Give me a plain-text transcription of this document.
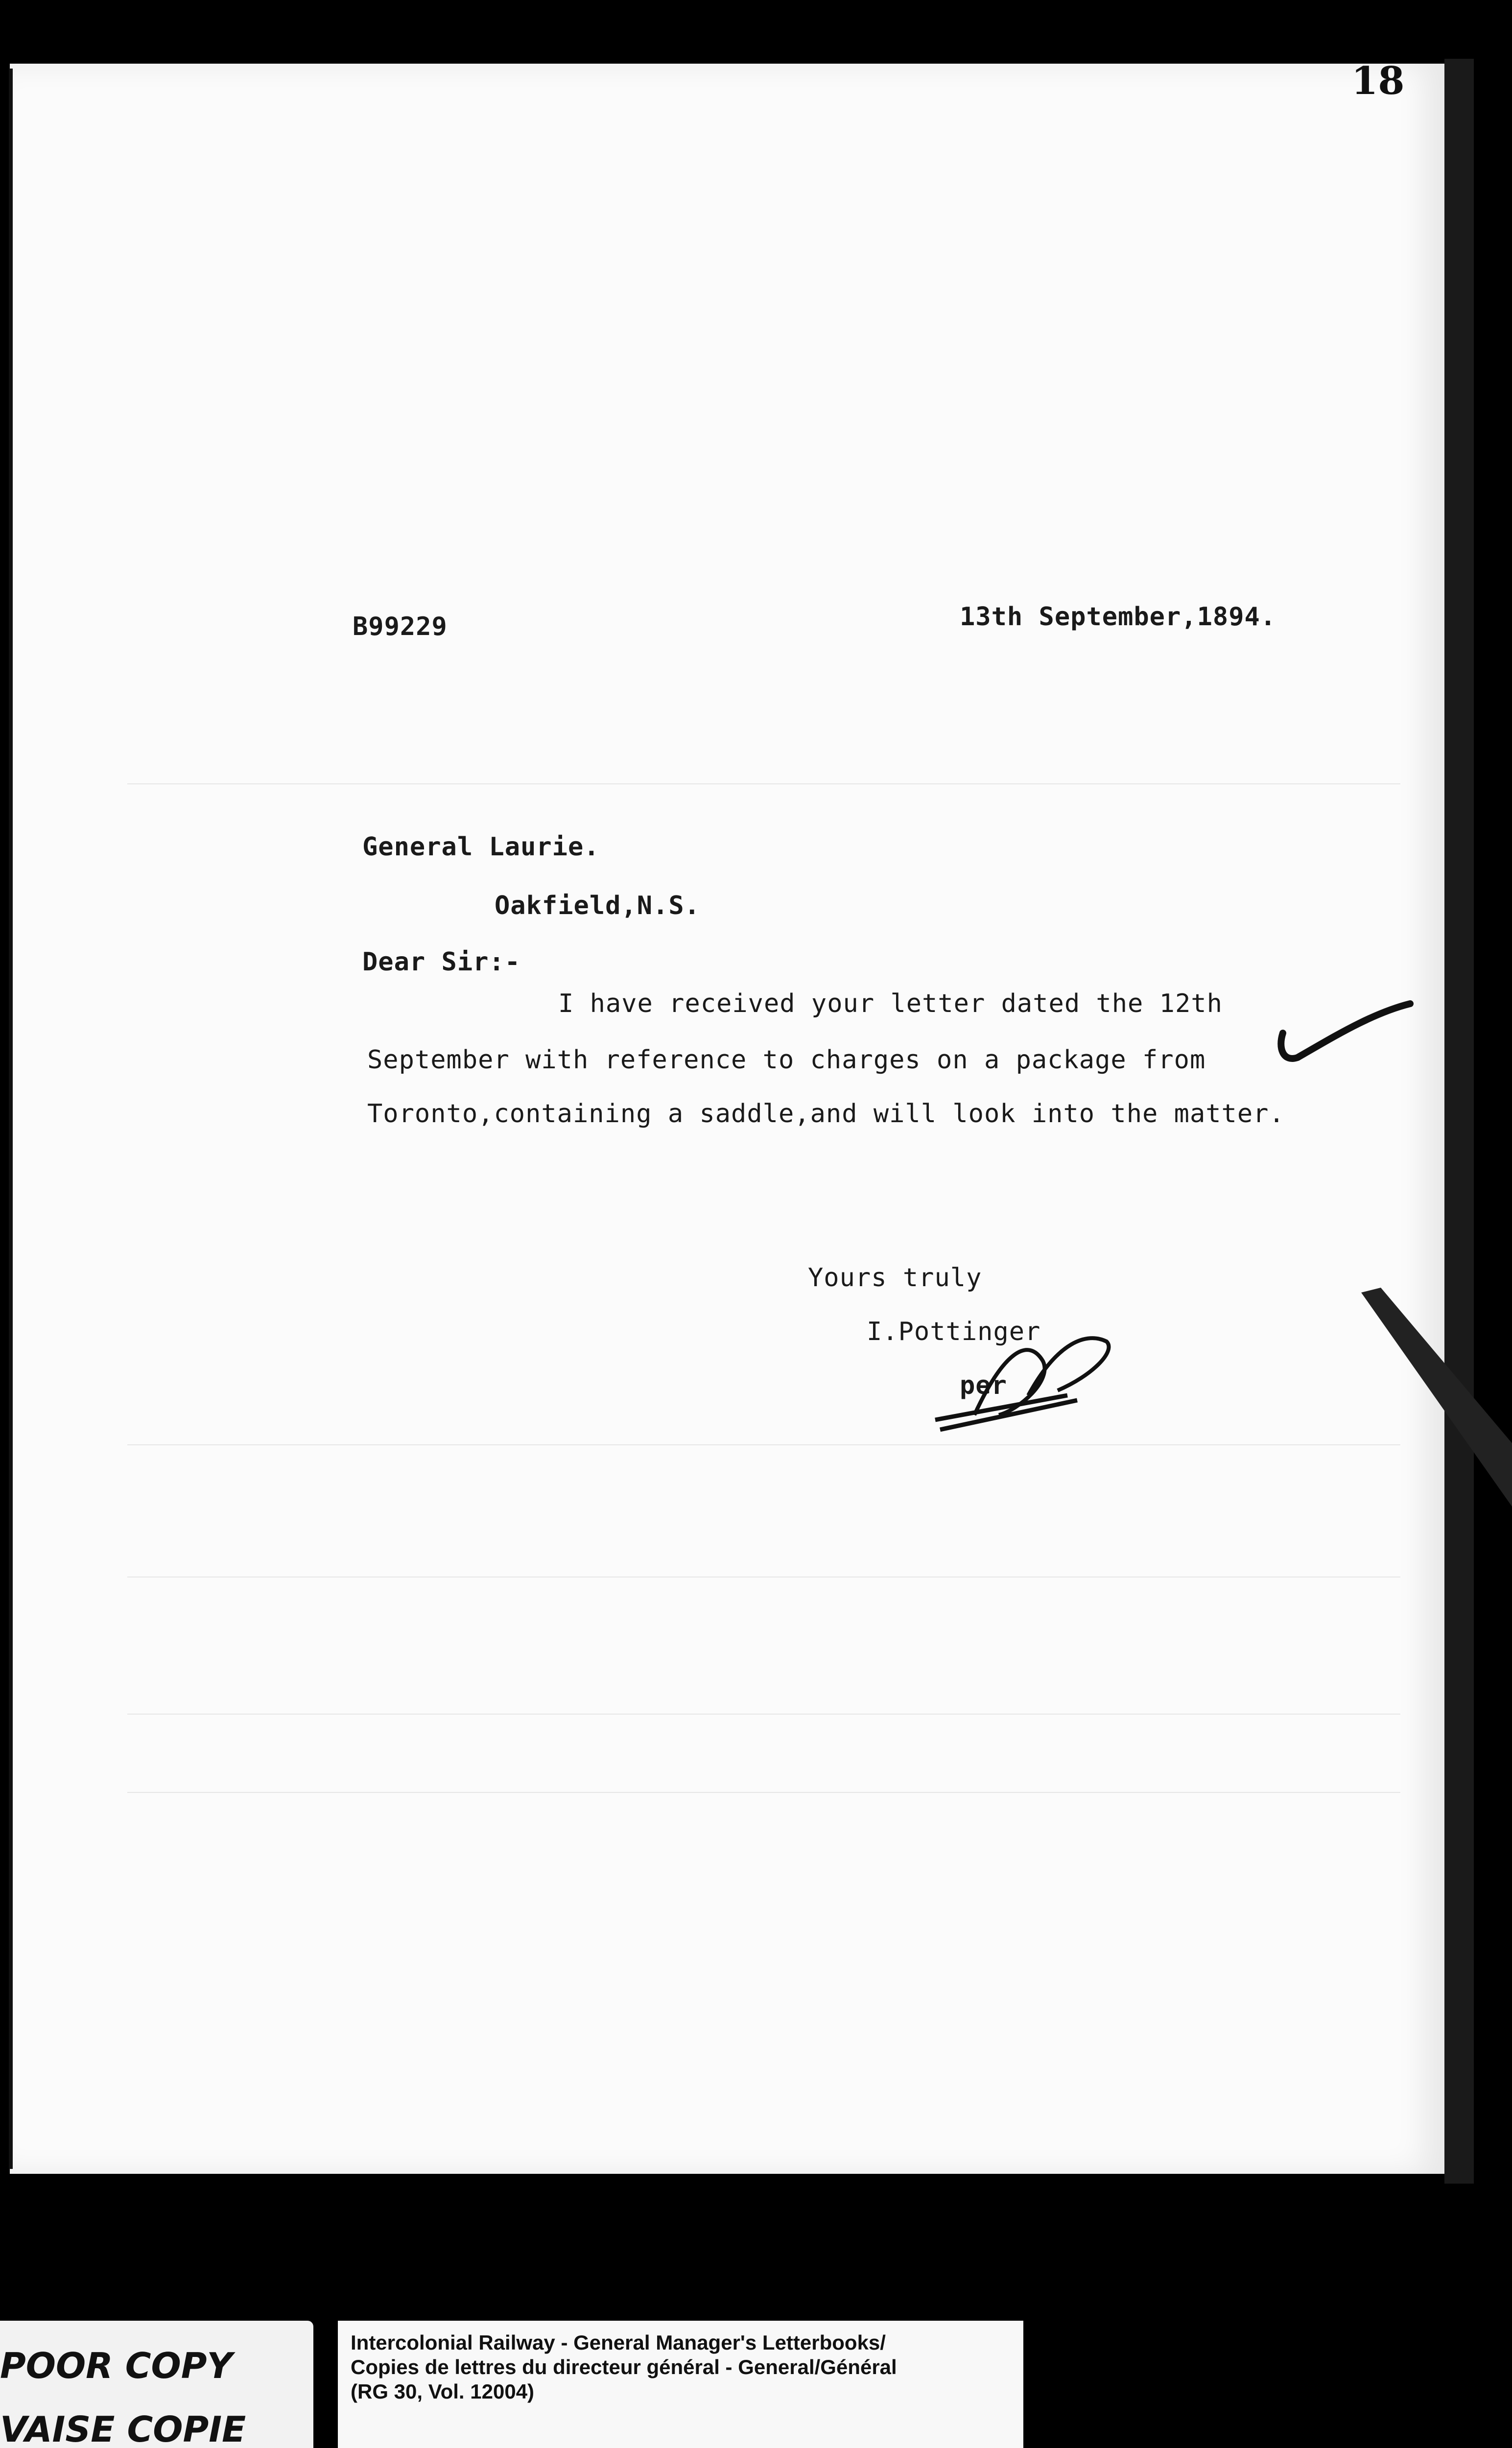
18
B99229	13th September,1894.
General Laurie.
Oakfield,N.S.
Dear Sir:-
I have received your letter dated the 12th
September with reference to charges on a package from
Toronto,containing a saddle,and will look into the matter.
Yours truly
I.Pottinger
per
POOR COPY
VAISE COPIE
Intercolonial Railway - General Manager's Letterbooks/
Copies de lettres du directeur général - General/Général
(RG 30, Vol. 12004)
